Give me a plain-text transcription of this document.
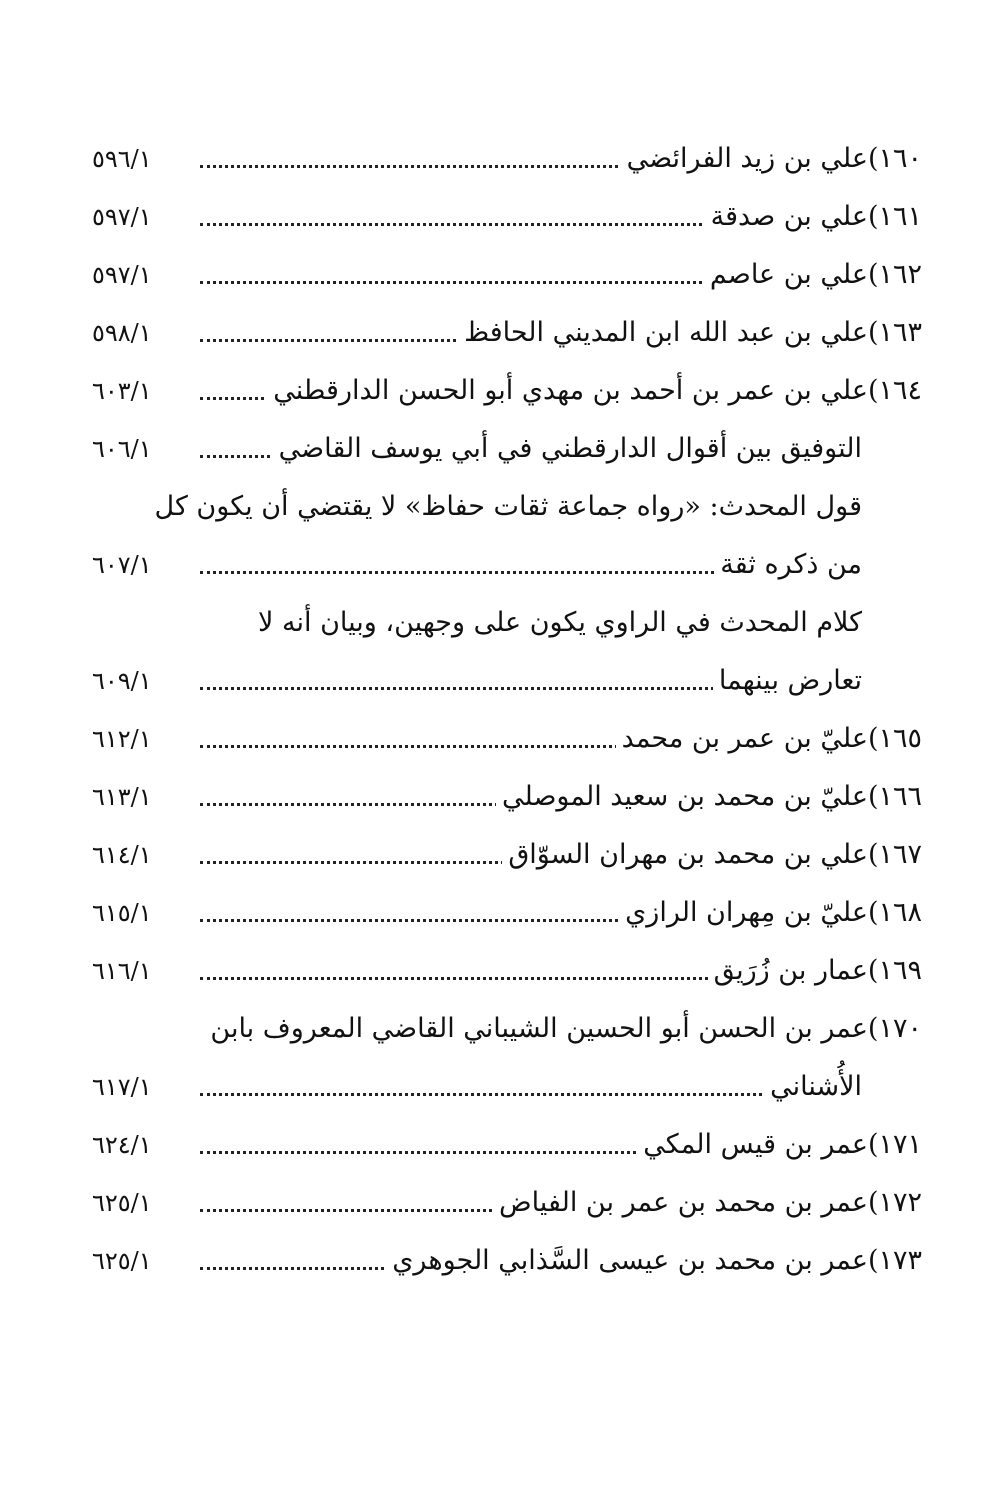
١٦٠)علي بن زيد الفرائضي
٥٩٦/١
١٦١)علي بن صدقة
٥٩٧/١
١٦٢)علي بن عاصم
٥٩٧/١
١٦٣)علي بن عبد الله ابن المديني الحافظ
٥٩٨/١
١٦٤)علي بن عمر بن أحمد بن مهدي أبو الحسن الدارقطني
٦٠٣/١
التوفيق بين أقوال الدارقطني في أبي يوسف القاضي
٦٠٦/١
قول المحدث: «رواه جماعة ثقات حفاظ» لا يقتضي أن يكون كل
من ذكره ثقة
٦٠٧/١
كلام المحدث في الراوي يكون على وجهين، وبيان أنه لا
تعارض بينهما
٦٠٩/١
١٦٥)عليّ بن عمر بن محمد
٦١٢/١
١٦٦)عليّ بن محمد بن سعيد الموصلي
٦١٣/١
١٦٧)علي بن محمد بن مهران السوّاق
٦١٤/١
١٦٨)عليّ بن مِهران الرازي
٦١٥/١
١٦٩)عمار بن زُرَيق
٦١٦/١
١٧٠)عمر بن الحسن أبو الحسين الشيباني القاضي المعروف بابن
الأُشناني
٦١٧/١
١٧١)عمر بن قيس المكي
٦٢٤/١
١٧٢)عمر بن محمد بن عمر بن الفياض
٦٢٥/١
١٧٣)عمر بن محمد بن عيسى السَّذابي الجوهري
٦٢٥/١
